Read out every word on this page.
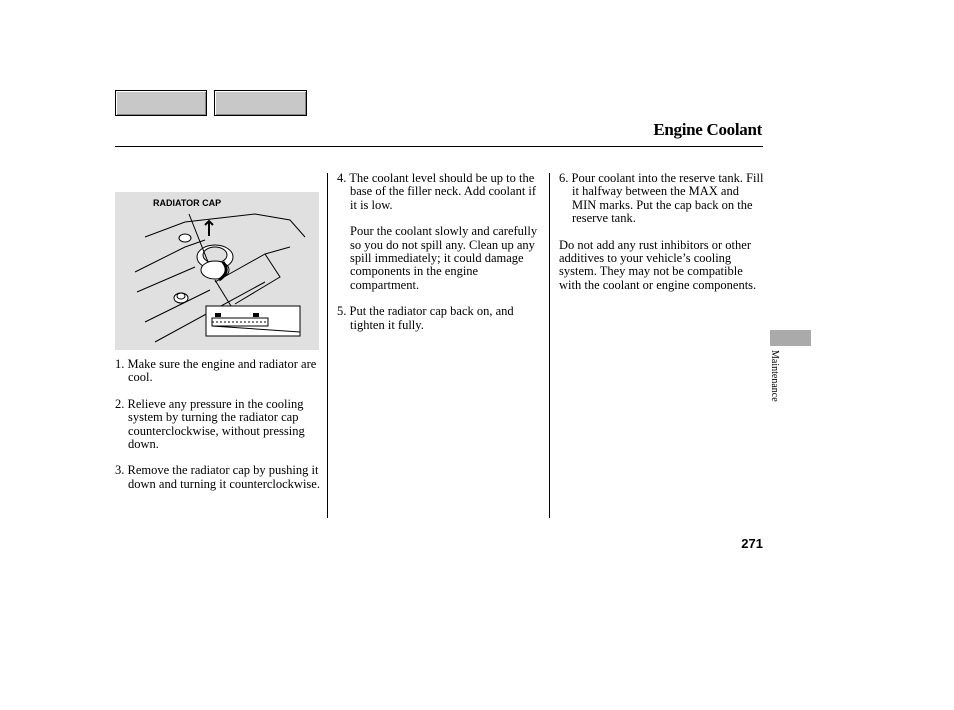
Engine Coolant
RADIATOR CAP

1. Make sure the engine and radiator are cool.

2. Relieve any pressure in the cooling system by turning the radiator cap counterclockwise, without pressing down.

3. Remove the radiator cap by pushing it down and turning it counterclockwise.

4. The coolant level should be up to the base of the filler neck. Add coolant if it is low.

Pour the coolant slowly and carefully so you do not spill any. Clean up any spill immediately; it could damage components in the engine compartment.

5. Put the radiator cap back on, and tighten it fully.

6. Pour coolant into the reserve tank. Fill it halfway between the MAX and MIN marks. Put the cap back on the reserve tank.

Do not add any rust inhibitors or other additives to your vehicle’s cooling system. They may not be compatible with the coolant or engine components.

Maintenance
271
